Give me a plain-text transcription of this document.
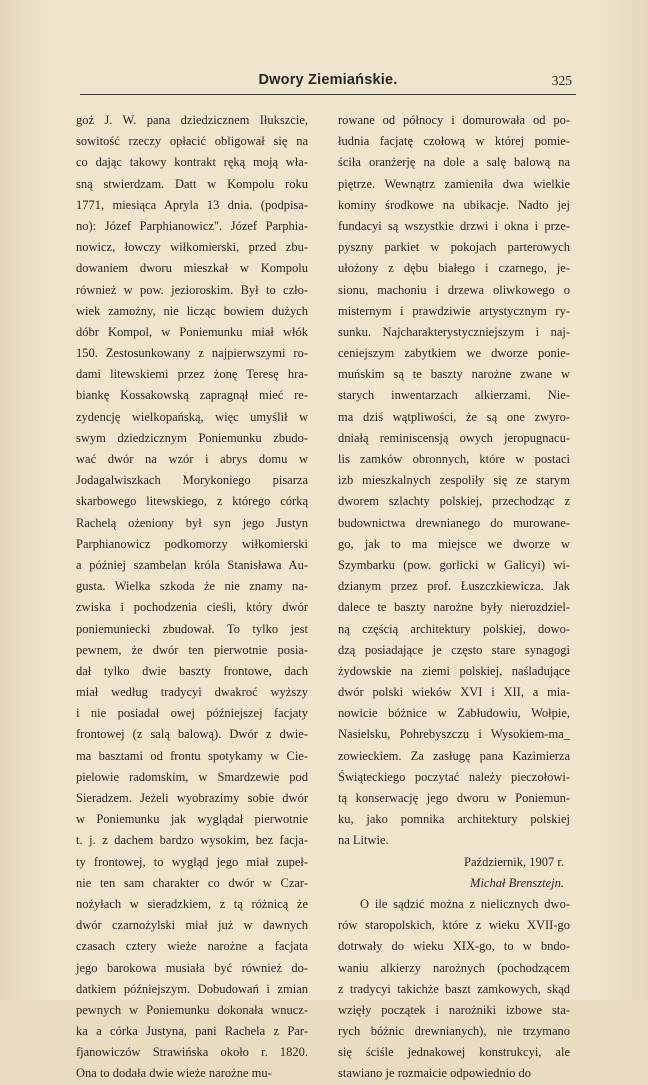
Dwory Ziemiańskie.	325
goż J. W. pana dziedzicznem Iłukszcie,
sowitość rzeczy opłacić obligował się na
co dając takowy kontrakt ręką moją wła-
sną stwierdzam. Datt w Kompolu roku
1771, miesiąca Apryla 13 dnia. (podpisa-
no): Józef Parphianowicz". Józef Parphia-
nowicz, łowczy wiłkomierski, przed zbu-
dowaniem dworu mieszkał w Kompolu
również w pow. jezioroskim. Był to czło-
wiek zamożny, nie licząc bowiem dużych
dóbr Kompol, w Poniemunku miał włók
150. Zestosunkowany z najpierwszymi ro-
dami litewskiemi przez żonę Teresę hra-
biankę Kossakowską zapragnął mieć re-
zydencję wielkopańską, więc umyślił w
swym dziedzicznym Poniemunku zbudo-
wać dwór na wzór i abrys domu w
Jodagalwiszkach Morykoniego pisarza
skarbowego litewskiego, z którego córką
Rachelą ożeniony był syn jego Justyn
Parphianowicz podkomorzy wiłkomierski
a później szambelan króla Stanisława Au-
gusta. Wielka szkoda że nie znamy na-
zwiska i pochodzenia cieśli, który dwór
poniemuniecki zbudował. To tylko jest
pewnem, że dwór ten pierwotnie posia-
dał tylko dwie baszty frontowe, dach
miał według tradycyi dwakroć wyższy
i nie posiadał owej późniejszej facjaty
frontowej (z salą balową). Dwór z dwie-
ma basztami od frontu spotykamy w Cie-
pielowie radomskim, w Smardzewie pod
Sieradzem. Jeżeli wyobrazimy sobie dwór
w Poniemunku jak wyglądał pierwotnie
t. j. z dachem bardzo wysokim, bez facja-
ty frontowej, to wygląd jego miał zupeł-
nie ten sam charakter co dwór w Czar-
nożyłach w sieradzkiem, z tą różnicą że
dwór czarnożylski miał już w dawnych
czasach cztery wieże narożne a facjata
jego barokowa musiała być również do-
datkiem późniejszym. Dobudowań i zmian
pewnych w Poniemunku dokonała wnucz-
ka a córka Justyna, pani Rachela z Par-
fjanowiczów Strawińska około r. 1820.
Ona to dodała dwie wieże narożne mu-
rowane od północy i domurowała od po-
łudnia facjatę czołową w której pomie-
ściła oranżerję na dole a salę balową na
piętrze. Wewnątrz zamieniła dwa wielkie
kominy środkowe na ubikacje. Nadto jej
fundacyi są wszystkie drzwi i okna i prze-
pyszny parkiet w pokojach parterowych
ułożony z dębu białego i czarnego, je-
sionu, machoniu i drzewa oliwkowego o
misternym i prawdziwie artystycznym ry-
sunku. Najcharakterystyczniejszym i naj-
ceniejszym zabytkiem we dworze ponie-
muńskim są te baszty narożne zwane w
starych inwentarzach alkierzami. Nie-
ma dziś wątpliwości, że są one zwyro-
dniałą reminiscensją owych jeropugnacu-
lis zamków obronnych, które w postaci
izb mieszkalnych zespoliły się ze starym
dworem szlachty polskiej, przechodząc z
budownictwa drewnianego do murowane-
go, jak to ma miejsce we dworze w
Szymbarku (pow. gorlicki w Galicyi) wi-
dzianym przez prof. Łuszczkiewicza. Jak
dalece te baszty narożne były nierozdziel-
ną częścią architektury polskiej, dowo-
dzą posiadające je często stare synagogi
żydowskie na ziemi polskiej, naśladujące
dwór polski wieków XVI i XII, a mia-
nowicie bóżnice w Zabłudowiu, Wołpie,
Nasielsku, Pohrebyszczu i Wysokiem-ma_
zowieckiem. Za zasługę pana Kazimierza
Świąteckiego poczytać należy pieczołowi-
tą konserwację jego dworu w Poniemun-
ku, jako pomnika architektury polskiej
na Litwie.
Październik, 1907 r.
Michał Brensztejn.
O ile sądzić można z nielicznych dwo-
rów staropolskich, które z wieku XVII-go
dotrwały do wieku XIX-go, to w bndo-
waniu alkierzy narożnych (pochodzącem
z tradycyi takichże baszt zamkowych, skąd
wzięły początek i narożniki izbowe sta-
rych bóżnic drewnianych), nie trzymano
się ściśle jednakowej konstrukcyi, ale
stawiano je rozmaicie odpowiednio do
